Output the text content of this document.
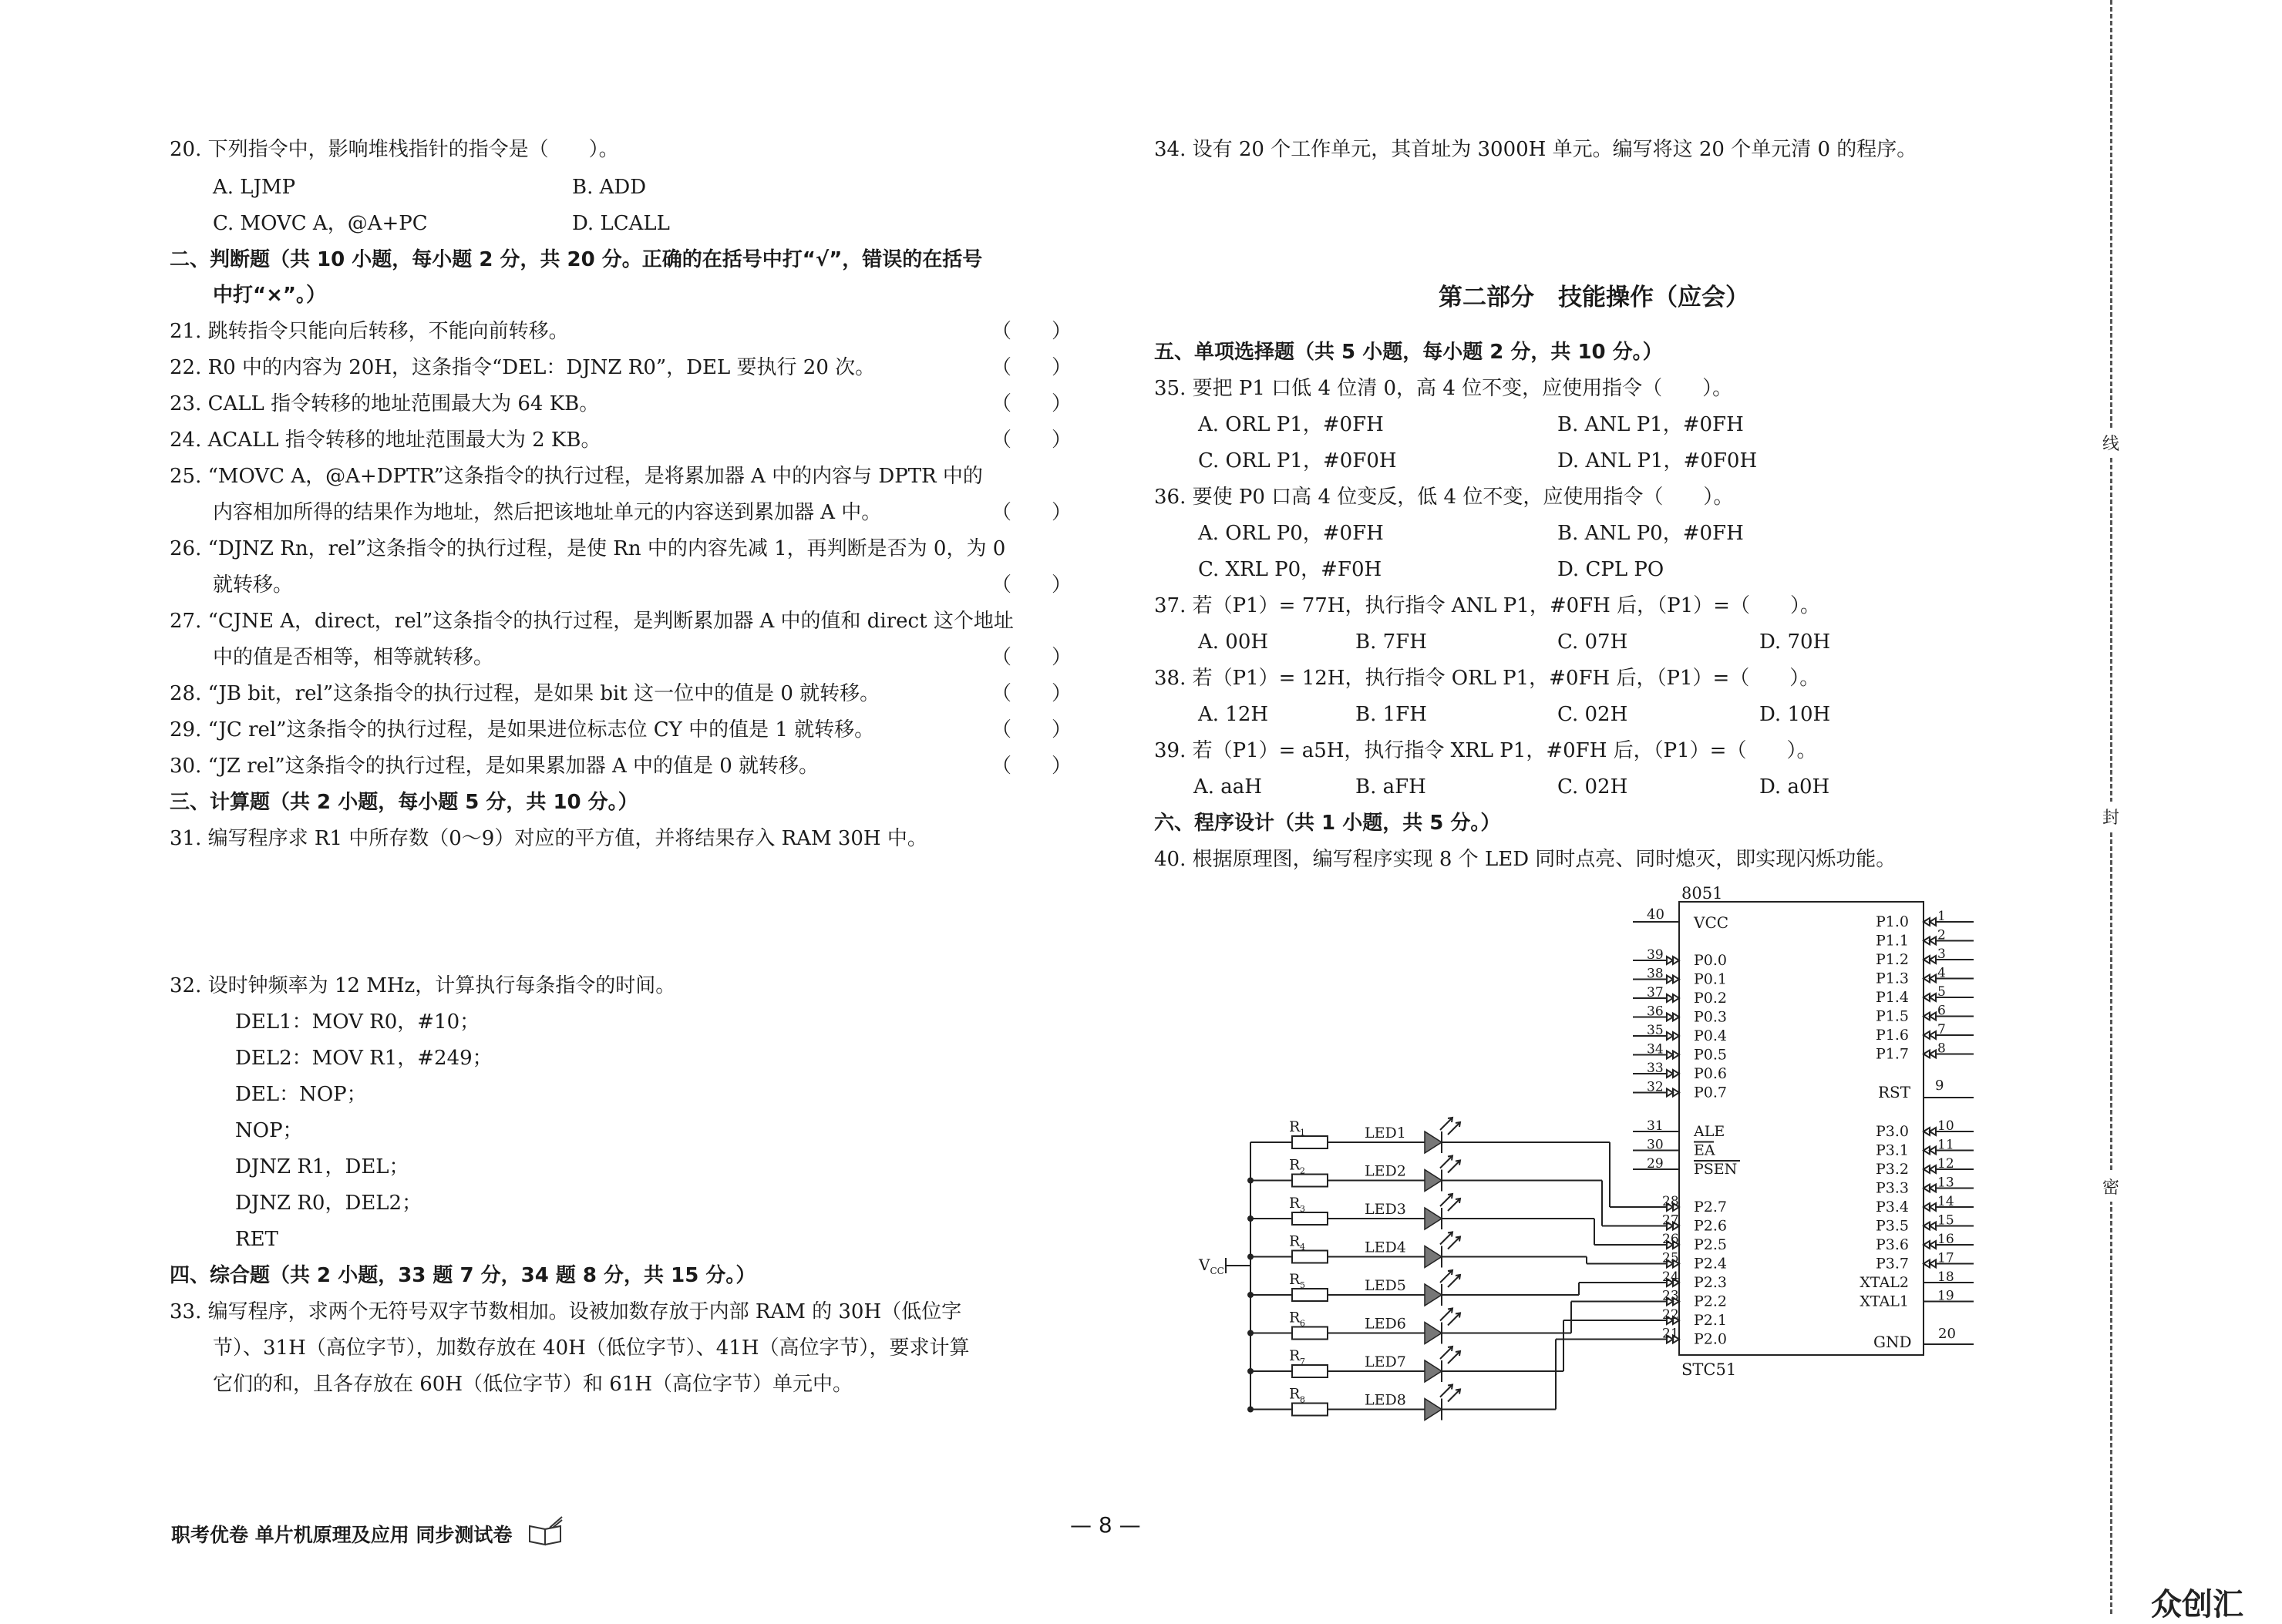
20. 下列指令中，影响堆栈指针的指令是（　　）。
A. LJMP	B. ADD
C. MOVC A，@A+PC	D. LCALL
二、判断题（共 10 小题，每小题 2 分，共 20 分。正确的在括号中打“√”，错误的在括号
中打“×”。）
21. 跳转指令只能向后转移，不能向前转移。	（　　）
22. R0 中的内容为 20H，这条指令“DEL：DJNZ R0”，DEL 要执行 20 次。	（　　）
23. CALL 指令转移的地址范围最大为 64 KB。	（　　）
24. ACALL 指令转移的地址范围最大为 2 KB。	（　　）
25. “MOVC A，@A+DPTR”这条指令的执行过程，是将累加器 A 中的内容与 DPTR 中的
内容相加所得的结果作为地址，然后把该地址单元的内容送到累加器 A 中。	（　　）
26. “DJNZ Rn，rel”这条指令的执行过程，是使 Rn 中的内容先减 1，再判断是否为 0，为 0
就转移。	（　　）
27. “CJNE A，direct，rel”这条指令的执行过程，是判断累加器 A 中的值和 direct 这个地址
中的值是否相等，相等就转移。	（　　）
28. “JB bit，rel”这条指令的执行过程，是如果 bit 这一位中的值是 0 就转移。	（　　）
29. “JC rel”这条指令的执行过程，是如果进位标志位 CY 中的值是 1 就转移。	（　　）
30. “JZ rel”这条指令的执行过程，是如果累加器 A 中的值是 0 就转移。	（　　）
三、计算题（共 2 小题，每小题 5 分，共 10 分。）
31. 编写程序求 R1 中所存数（0～9）对应的平方值，并将结果存入 RAM 30H 中。
32. 设时钟频率为 12 MHz，计算执行每条指令的时间。
DEL1：MOV R0，#10；
DEL2：MOV R1，#249；
DEL：NOP；
NOP；
DJNZ R1，DEL；
DJNZ R0，DEL2；
RET
四、综合题（共 2 小题，33 题 7 分，34 题 8 分，共 15 分。）
33. 编写程序，求两个无符号双字节数相加。设被加数存放于内部 RAM 的 30H（低位字
节）、31H（高位字节），加数存放在 40H（低位字节）、41H（高位字节），要求计算
它们的和，且各存放在 60H（低位字节）和 61H（高位字节）单元中。
34. 设有 20 个工作单元，其首址为 3000H 单元。编写将这 20 个单元清 0 的程序。
第二部分　技能操作（应会）
五、单项选择题（共 5 小题，每小题 2 分，共 10 分。）
35. 要把 P1 口低 4 位清 0，高 4 位不变，应使用指令（　　）。
A. ORL P1，#0FH	B. ANL P1，#0FH
C. ORL P1，#0F0H	D. ANL P1，#0F0H
36. 要使 P0 口高 4 位变反，低 4 位不变，应使用指令（　　）。
A. ORL P0，#0FH	B. ANL P0，#0FH
C. XRL P0，#F0H	D. CPL PO
37. 若（P1）= 77H，执行指令 ANL P1，#0FH 后，（P1）=（　　）。
A. 00H	B. 7FH	C. 07H	D. 70H
38. 若（P1）= 12H，执行指令 ORL P1，#0FH 后，（P1）=（　　）。
A. 12H	B. 1FH	C. 02H	D. 10H
39. 若（P1）= a5H，执行指令 XRL P1，#0FH 后，（P1）=（　　）。
A. aaH	B. aFH	C. 02H	D. a0H
六、程序设计（共 1 小题，共 5 分。）
40. 根据原理图，编写程序实现 8 个 LED 同时点亮、同时熄灭，即实现闪烁功能。
8051
STC51
VCC
40
RST 9
GND 20
$V_{CC}$
P1.0 1
P1.1 2
P1.2 3
P1.3 4
P1.4 5
P1.5 6
P1.6 7
P1.7 8
P0.0
39
P0.1
38
P0.2
37
P0.3
36
P0.4
35
P0.5
34
P0.6
33
P0.7
32
ALE
31
EA
30
PSEN
29
P3.0 10
P3.1 11
P3.2 12
P3.3 13
P3.4 14
P3.5 15
P3.6 16
P3.7 17
XTAL2 18
XTAL1 19
P2.7
28
P2.6
27
P2.5
26
P2.4
25
P2.3
24
P2.2
23
P2.1
22
P2.0
21
R 1	LED1
R 2	LED2
R 3	LED3
R 4	LED4
R 5	LED5
R 6	LED6
R 7	LED7
R 8	LED8
线
封
密
职考优卷 单片机原理及应用 同步测试卷	— 8 —
众创汇
